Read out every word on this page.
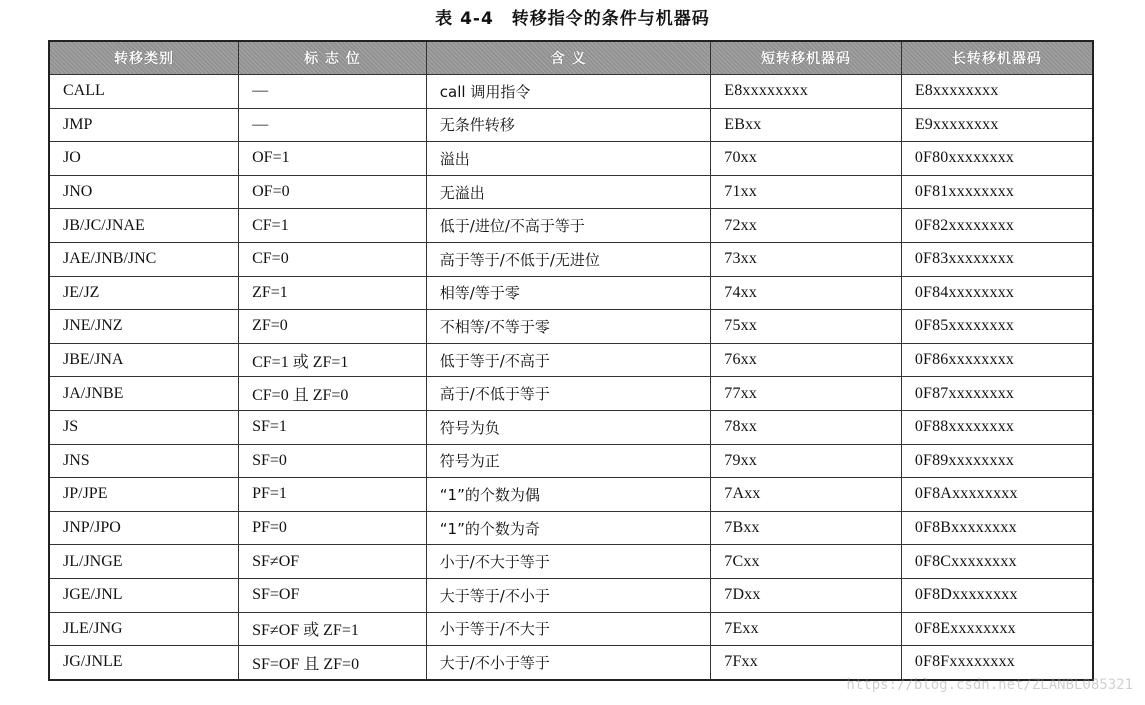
表 4-4　转移指令的条件与机器码
转移类别	标 志 位	含 义	短转移机器码	长转移机器码
CALL	—	call 调用指令	E8xxxxxxxx	E8xxxxxxxx
JMP	—	无条件转移	EBxx	E9xxxxxxxx
JO	OF=1	溢出	70xx	0F80xxxxxxxx
JNO	OF=0	无溢出	71xx	0F81xxxxxxxx
JB/JC/JNAE	CF=1	低于/进位/不高于等于	72xx	0F82xxxxxxxx
JAE/JNB/JNC	CF=0	高于等于/不低于/无进位	73xx	0F83xxxxxxxx
JE/JZ	ZF=1	相等/等于零	74xx	0F84xxxxxxxx
JNE/JNZ	ZF=0	不相等/不等于零	75xx	0F85xxxxxxxx
JBE/JNA	CF=1 或 ZF=1	低于等于/不高于	76xx	0F86xxxxxxxx
JA/JNBE	CF=0 且 ZF=0	高于/不低于等于	77xx	0F87xxxxxxxx
JS	SF=1	符号为负	78xx	0F88xxxxxxxx
JNS	SF=0	符号为正	79xx	0F89xxxxxxxx
JP/JPE	PF=1	“1”的个数为偶	7Axx	0F8Axxxxxxxx
JNP/JPO	PF=0	“1”的个数为奇	7Bxx	0F8Bxxxxxxxx
JL/JNGE	SF≠OF	小于/不大于等于	7Cxx	0F8Cxxxxxxxx
JGE/JNL	SF=OF	大于等于/不小于	7Dxx	0F8Dxxxxxxxx
JLE/JNG	SF≠OF 或 ZF=1	小于等于/不大于	7Exx	0F8Exxxxxxxx
JG/JNLE	SF=OF 且 ZF=0	大于/不小于等于	7Fxx	0F8Fxxxxxxxx
https://blog.csdn.net/ZLANBL085321
